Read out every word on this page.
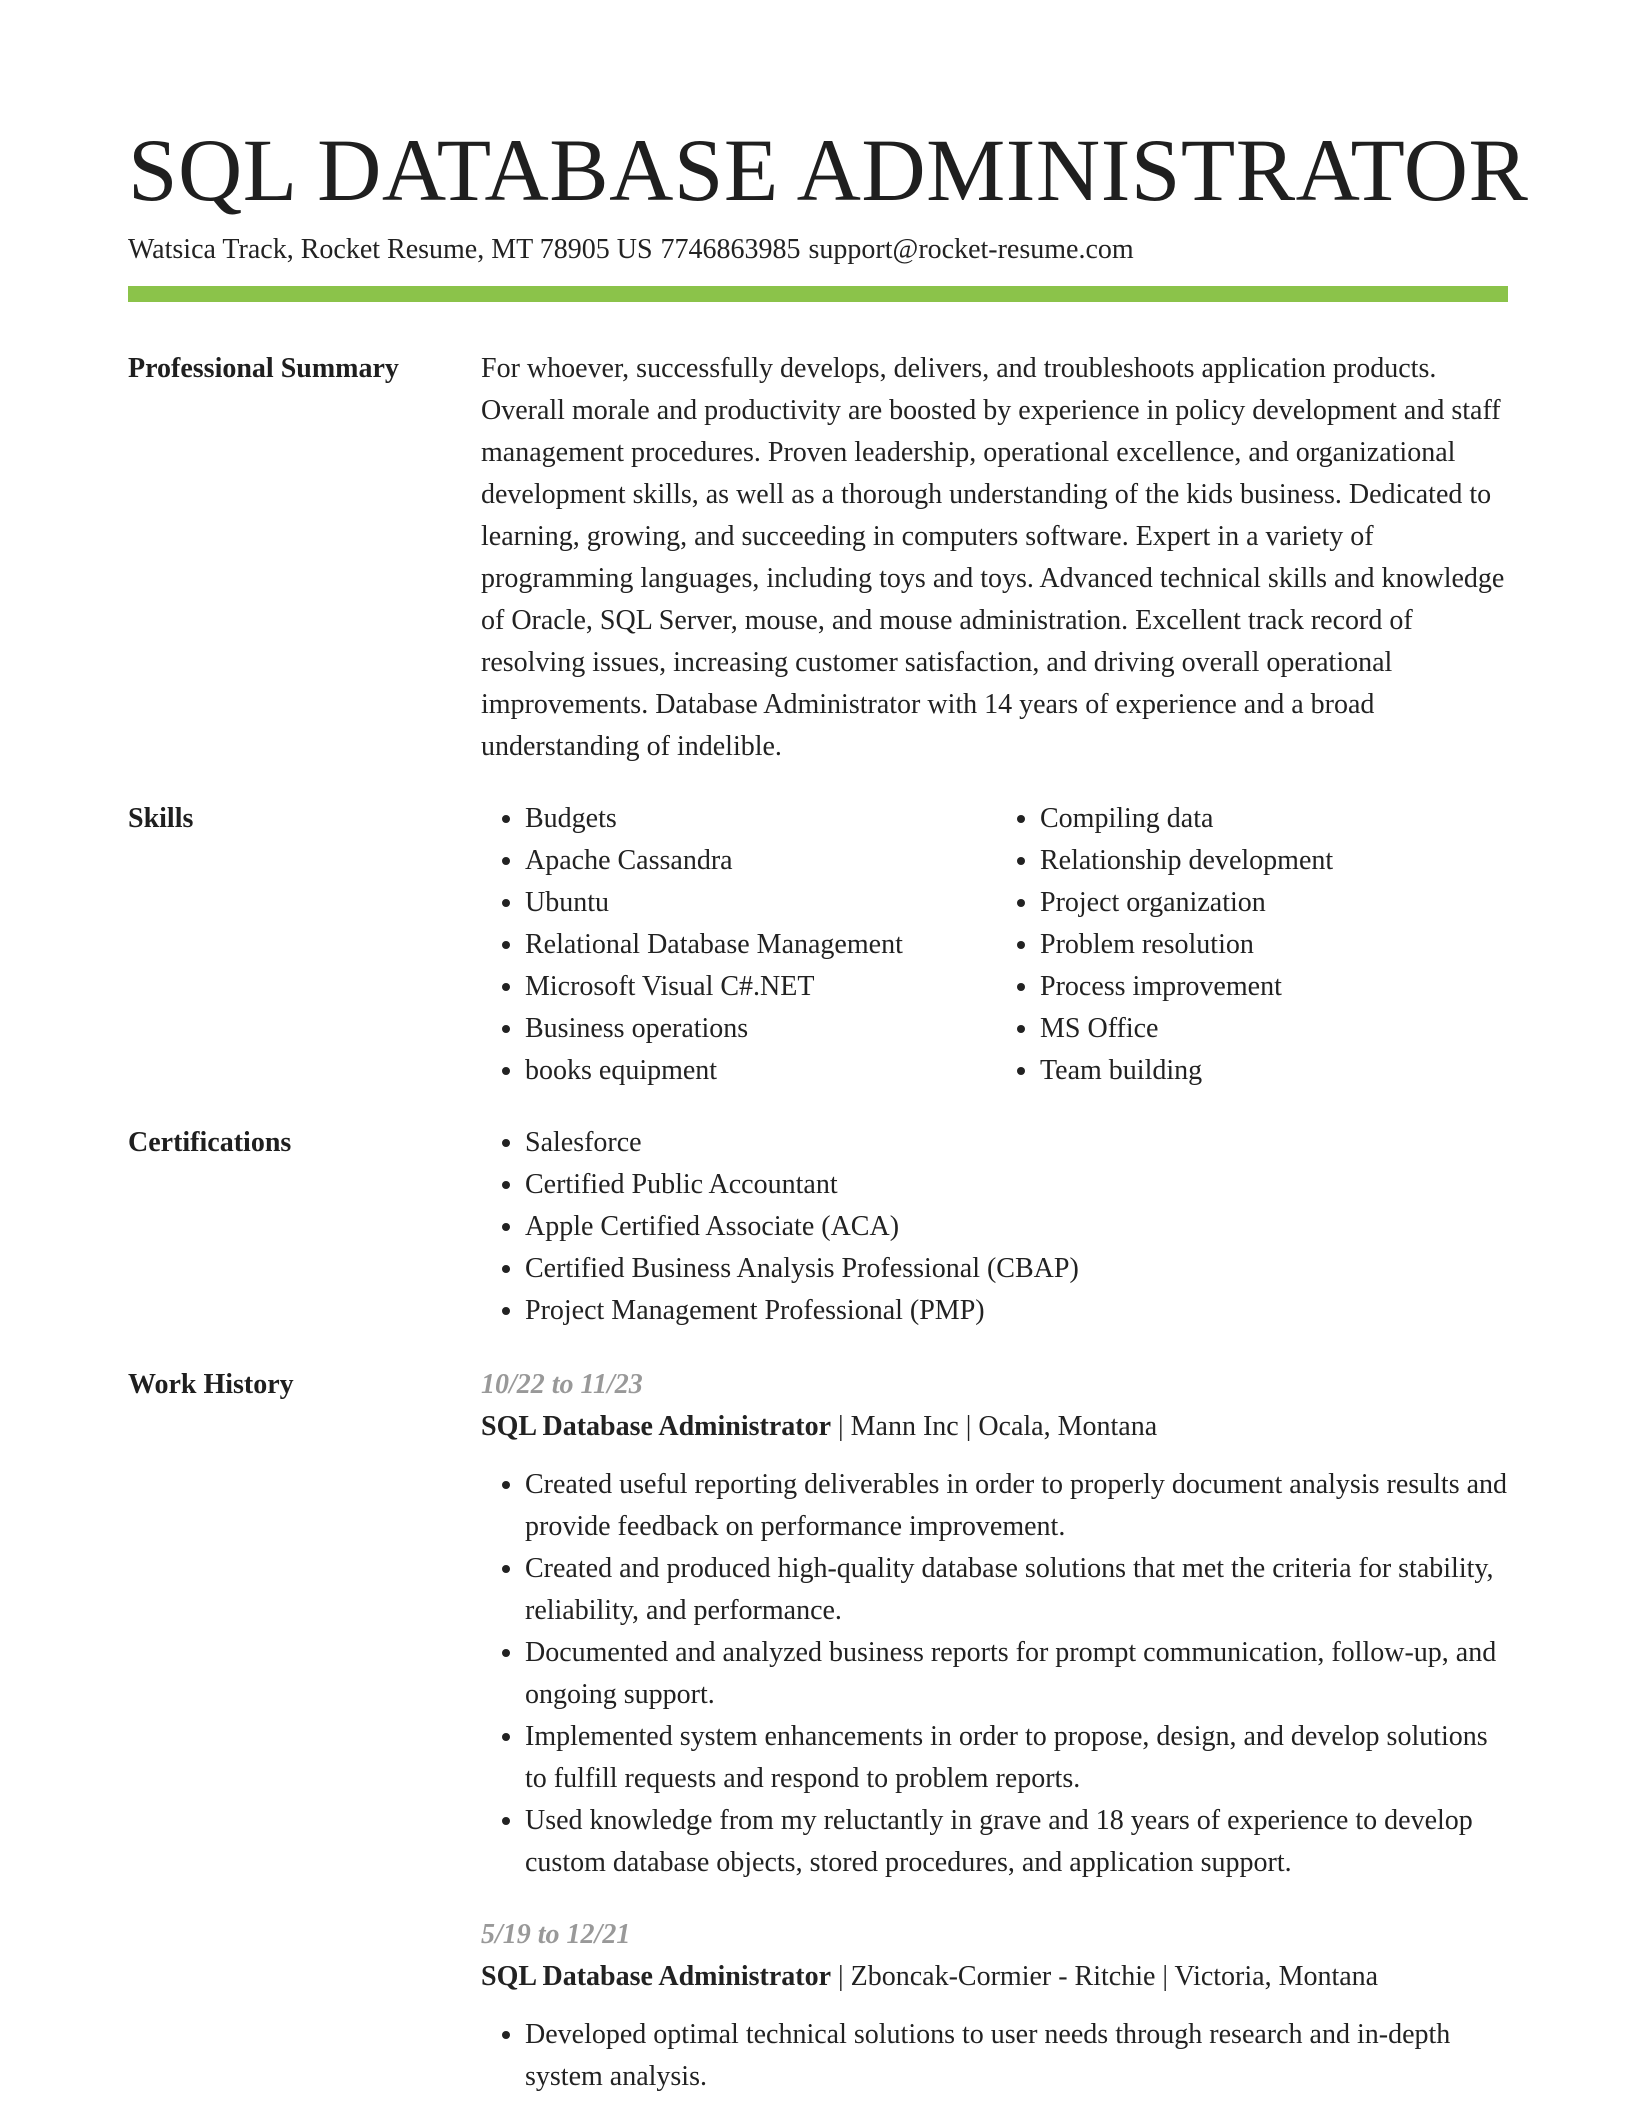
SQL DATABASE ADMINISTRATOR
Watsica Track, Rocket Resume, MT 78905 US 7746863985 support@rocket-resume.com
Professional Summary	For whoever, successfully develops, delivers, and troubleshoots application products. Overall morale and productivity are boosted by experience in policy development and staff management procedures. Proven leadership, operational excellence, and organizational development skills, as well as a thorough understanding of the kids business. Dedicated to learning, growing, and succeeding in computers software. Expert in a variety of programming languages, including toys and toys. Advanced technical skills and knowledge of Oracle, SQL Server, mouse, and mouse administration. Excellent track record of resolving issues, increasing customer satisfaction, and driving overall operational improvements. Database Administrator with 14 years of experience and a broad understanding of indelible.

Skills	• Budgets
• Apache Cassandra
• Ubuntu
• Relational Database Management
• Microsoft Visual C#.NET
• Business operations
• books equipment
• Compiling data
• Relationship development
• Project organization
• Problem resolution
• Process improvement
• MS Office
• Team building
Certifications	• Salesforce
• Certified Public Accountant
• Apple Certified Associate (ACA)
• Certified Business Analysis Professional (CBAP)
• Project Management Professional (PMP)
Work History	10/22 to 11/23
SQL Database Administrator | Mann Inc | Ocala, Montana
• Created useful reporting deliverables in order to properly document analysis results and provide feedback on performance improvement.
• Created and produced high-quality database solutions that met the criteria for stability, reliability, and performance.
• Documented and analyzed business reports for prompt communication, follow-up, and ongoing support.
• Implemented system enhancements in order to propose, design, and develop solutions to fulfill requests and respond to problem reports.
• Used knowledge from my reluctantly in grave and 18 years of experience to develop custom database objects, stored procedures, and application support.
5/19 to 12/21
SQL Database Administrator | Zboncak-Cormier - Ritchie | Victoria, Montana
• Developed optimal technical solutions to user needs through research and in-depth system analysis.
